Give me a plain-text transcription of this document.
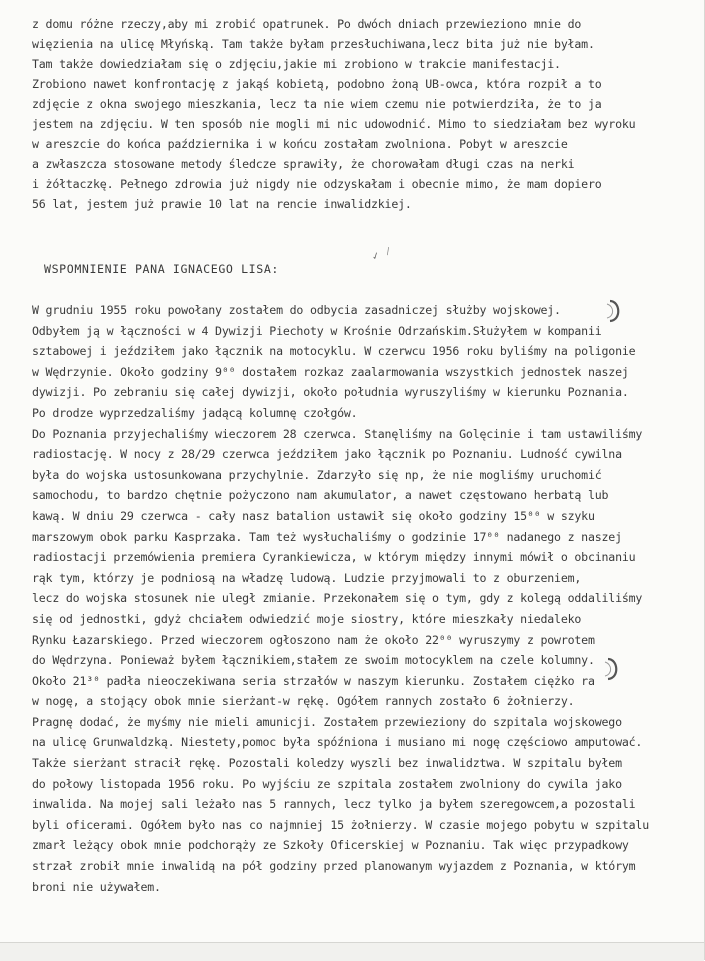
z domu różne rzeczy,aby mi zrobić opatrunek. Po dwóch dniach przewieziono mnie do
więzienia na ulicę Młyńską. Tam także byłam przesłuchiwana,lecz bita już nie byłam.
Tam także dowiedziałam się o zdjęciu,jakie mi zrobiono w trakcie manifestacji.
Zrobiono nawet konfrontację z jakąś kobietą, podobno żoną UB-owca, która rozpił a to
zdjęcie z okna swojego mieszkania, lecz ta nie wiem czemu nie potwierdziła, że to ja
jestem na zdjęciu. W ten sposób nie mogli mi nic udowodnić. Mimo to siedziałam bez wyroku
w areszcie do końca października i w końcu zostałam zwolniona. Pobyt w areszcie
a zwłaszcza stosowane metody śledcze sprawiły, że chorowałam długi czas na nerki
i żółtaczkę. Pełnego zdrowia już nigdy nie odzyskałam i obecnie mimo, że mam dopiero
56 lat, jestem już prawie 10 lat na rencie inwalidzkiej.
✓ ⁄
WSPOMNIENIE PANA IGNACEGO LISA:
W grudniu 1955 roku powołany zostałem do odbycia zasadniczej służby wojskowej.
Odbyłem ją w łączności w 4 Dywizji Piechoty w Krośnie Odrzańskim.Służyłem w kompanii
sztabowej i jeździłem jako łącznik na motocyklu. W czerwcu 1956 roku byliśmy na poligonie
w Wędrzynie. Około godziny 9⁰⁰ dostałem rozkaz zaalarmowania wszystkich jednostek naszej
dywizji. Po zebraniu się całej dywizji, około południa wyruszyliśmy w kierunku Poznania.
Po drodze wyprzedzaliśmy jadącą kolumnę czołgów.
Do Poznania przyjechaliśmy wieczorem 28 czerwca. Stanęliśmy na Golęcinie i tam ustawiliśmy
radiostację. W nocy z 28/29 czerwca jeździłem jako łącznik po Poznaniu. Ludność cywilna
była do wojska ustosunkowana przychylnie. Zdarzyło się np, że nie mogliśmy uruchomić
samochodu, to bardzo chętnie pożyczono nam akumulator, a nawet częstowano herbatą lub
kawą. W dniu 29 czerwca - cały nasz batalion ustawił się około godziny 15⁰⁰ w szyku
marszowym obok parku Kasprzaka. Tam też wysłuchaliśmy o godzinie 17⁰⁰ nadanego z naszej
radiostacji przemówienia premiera Cyrankiewicza, w którym między innymi mówił o obcinaniu
rąk tym, którzy je podniosą na władzę ludową. Ludzie przyjmowali to z oburzeniem,
lecz do wojska stosunek nie uległ zmianie. Przekonałem się o tym, gdy z kolegą oddaliliśmy
się od jednostki, gdyż chciałem odwiedzić moje siostry, które mieszkały niedaleko
Rynku Łazarskiego. Przed wieczorem ogłoszono nam że około 22⁰⁰ wyruszymy z powrotem
do Wędrzyna. Ponieważ byłem łącznikiem,stałem ze swoim motocyklem na czele kolumny.
Około 21³⁰ padła nieoczekiwana seria strzałów w naszym kierunku. Zostałem ciężko ra
w nogę, a stojący obok mnie sierżant-w rękę. Ogółem rannych zostało 6 żołnierzy.
Pragnę dodać, że myśmy nie mieli amunicji. Zostałem przewieziony do szpitala wojskowego
na ulicę Grunwaldzką. Niestety,pomoc była spóźniona i musiano mi nogę częściowo amputować.
Także sierżant stracił rękę. Pozostali koledzy wyszli bez inwalidztwa. W szpitalu byłem
do połowy listopada 1956 roku. Po wyjściu ze szpitala zostałem zwolniony do cywila jako
inwalida. Na mojej sali leżało nas 5 rannych, lecz tylko ja byłem szeregowcem,a pozostali
byli oficerami. Ogółem było nas co najmniej 15 żołnierzy. W czasie mojego pobytu w szpitalu
zmarł leżący obok mnie podchorąży ze Szkoły Oficerskiej w Poznaniu. Tak więc przypadkowy
strzał zrobił mnie inwalidą na pół godziny przed planowanym wyjazdem z Poznania, w którym
broni nie używałem.
